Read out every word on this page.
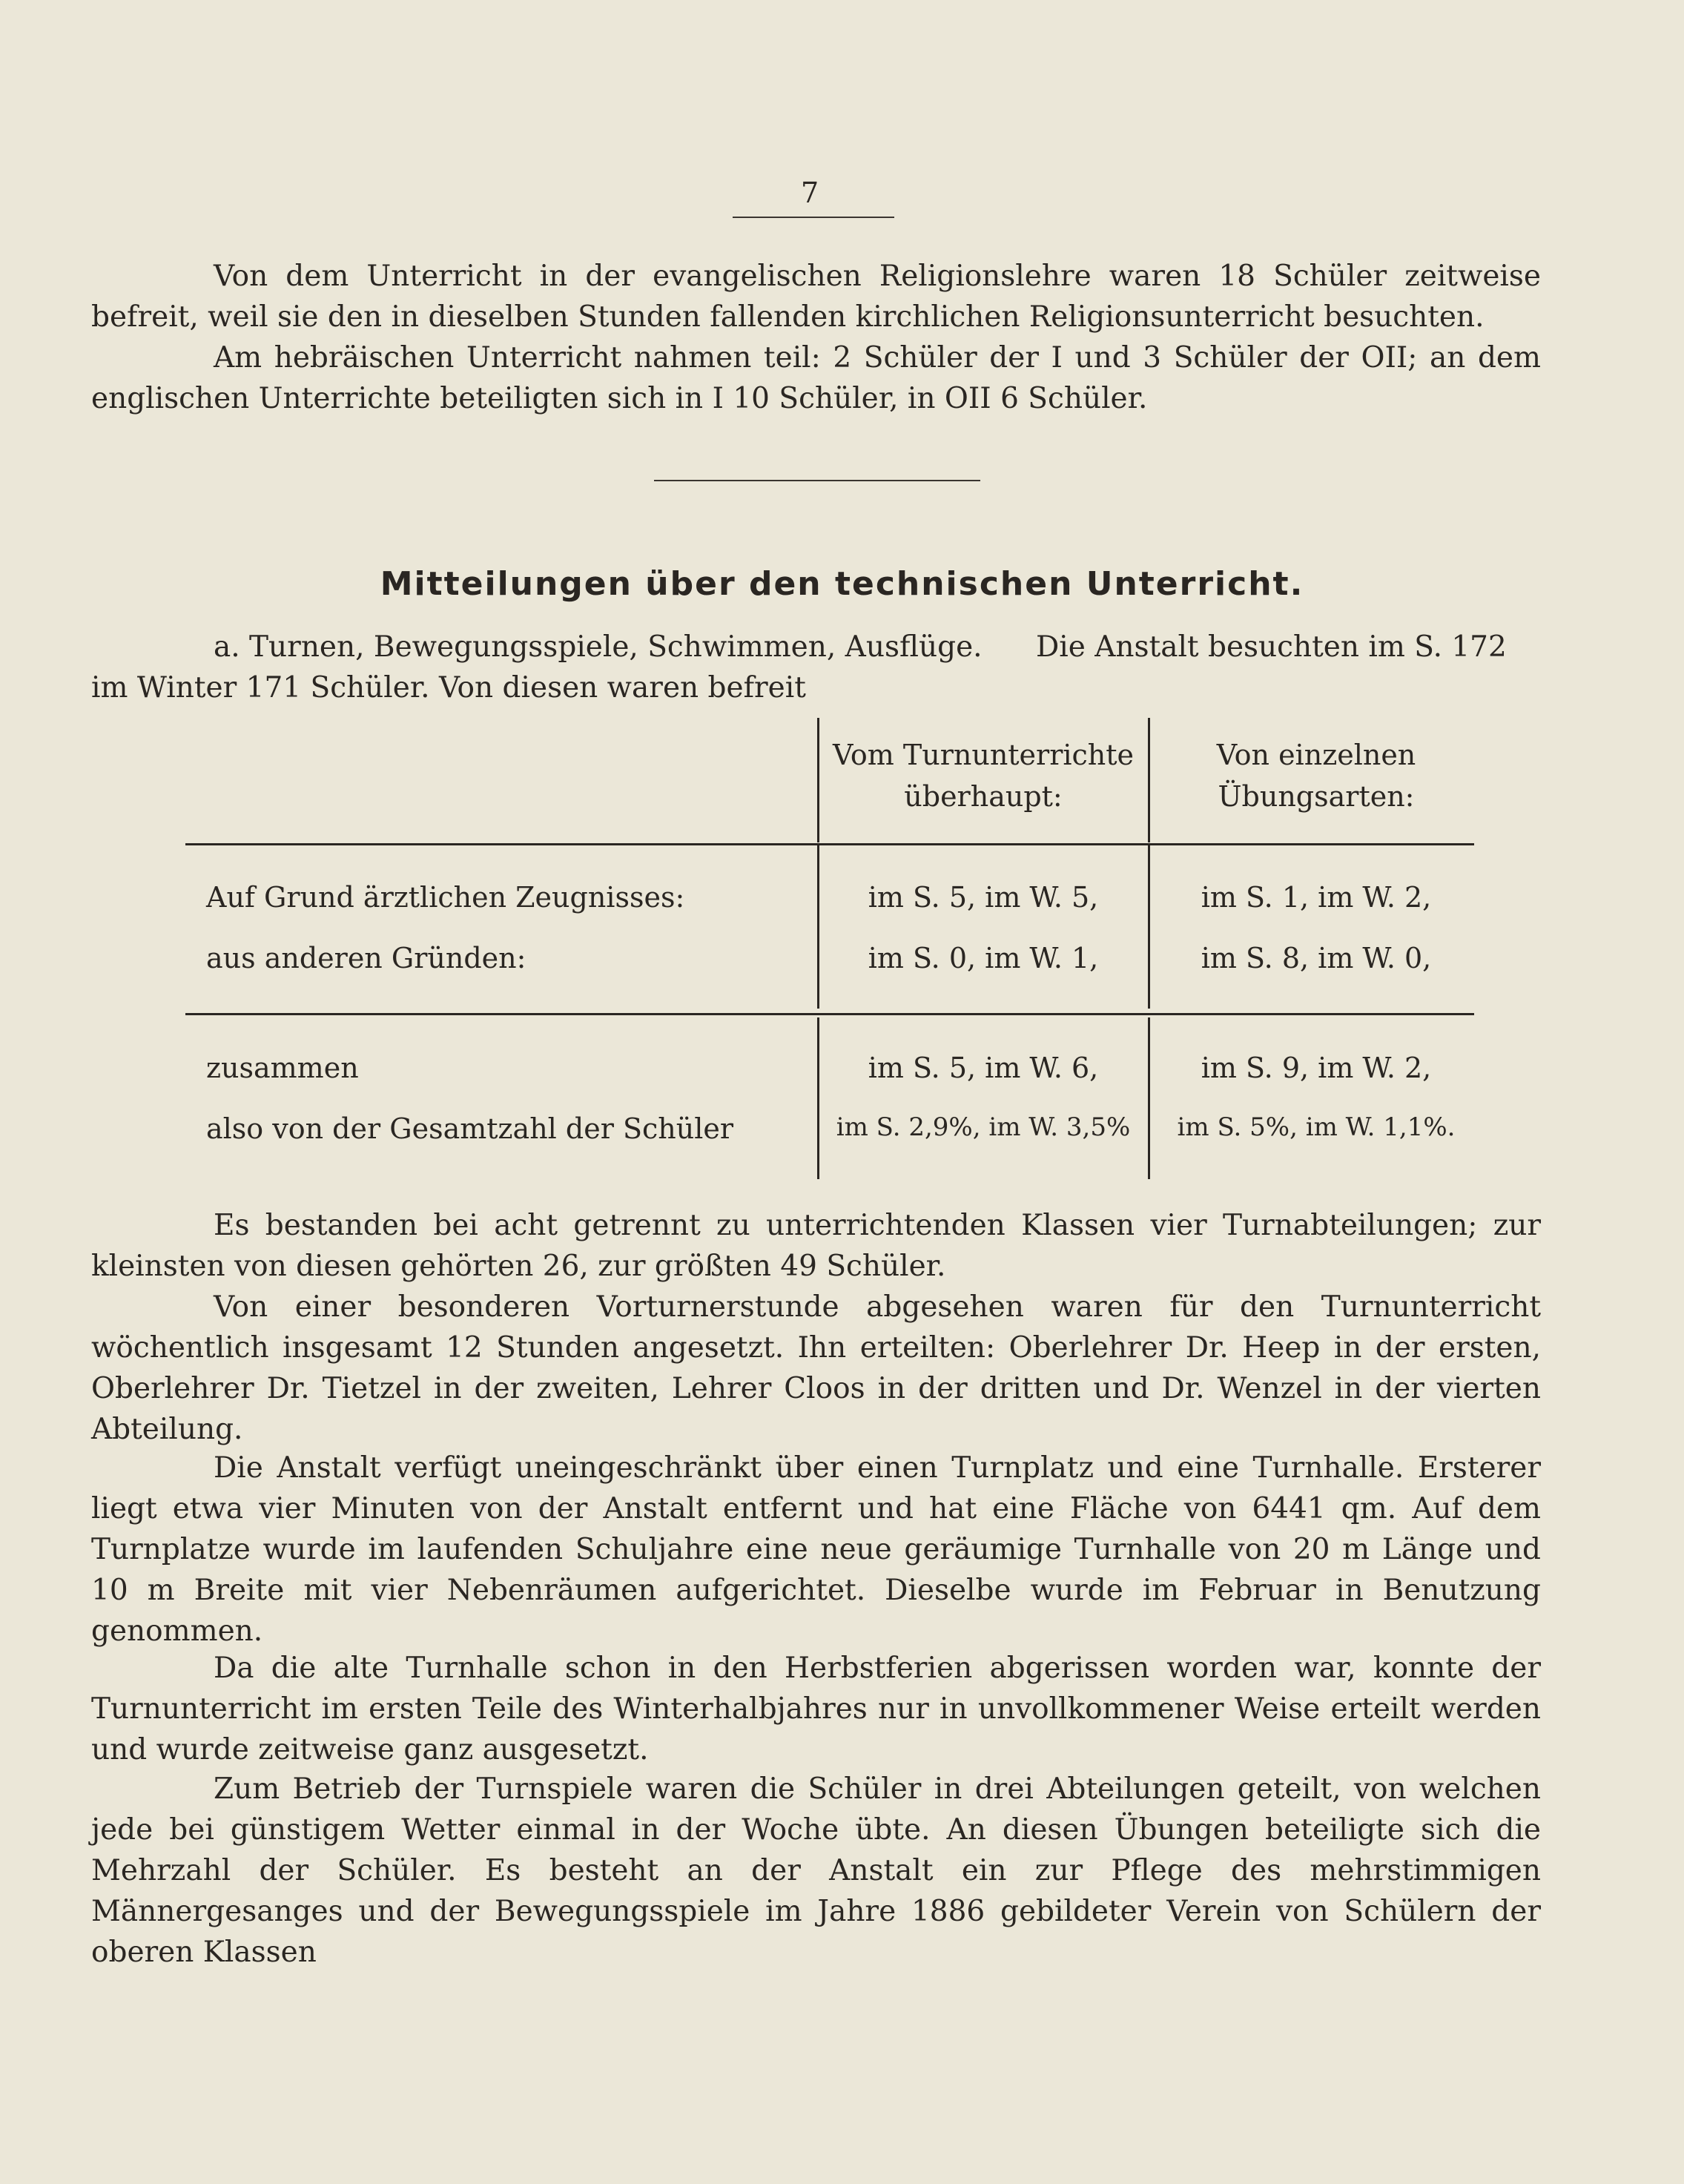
7

Von dem Unterricht in der evangelischen Religionslehre waren 18 Schüler zeitweise befreit, weil sie den in dieselben Stunden fallenden kirchlichen Religionsunterricht besuchten.

Am hebräischen Unterricht nahmen teil: 2 Schüler der I und 3 Schüler der OII; an dem englischen Unterrichte beteiligten sich in I 10 Schüler, in OII 6 Schüler.

Mitteilungen über den technischen Unterricht.
a. Turnen, Bewegungsspiele, Schwimmen, Ausflüge. Die Anstalt besuchten im S. 172
im Winter 171 Schüler. Von diesen waren befreit
Vom Turnunterrichte
überhaupt:
Von einzelnen
Übungsarten:
Auf Grund ärztlichen Zeugnisses:	im S. 5, im W. 5,	im S. 1, im W. 2,
aus anderen Gründen:	im S. 0, im W. 1,	im S. 8, im W. 0,
zusammen	im S. 5, im W. 6,	im S. 9, im W. 2,
also von der Gesamtzahl der Schüler	im S. 2,9%, im W. 3,5%	im S. 5%, im W. 1,1%.

Es bestanden bei acht getrennt zu unterrichtenden Klassen vier Turnabteilungen; zur kleinsten von diesen gehörten 26, zur größten 49 Schüler.

Von einer besonderen Vorturnerstunde abgesehen waren für den Turnunterricht wöchentlich insgesamt 12 Stunden angesetzt. Ihn erteilten: Oberlehrer Dr. Heep in der ersten, Oberlehrer Dr. Tietzel in der zweiten, Lehrer Cloos in der dritten und Dr. Wenzel in der vierten Abteilung.

Die Anstalt verfügt uneingeschränkt über einen Turnplatz und eine Turnhalle. Ersterer liegt etwa vier Minuten von der Anstalt entfernt und hat eine Fläche von 6441 qm. Auf dem Turnplatze wurde im laufenden Schuljahre eine neue geräumige Turnhalle von 20 m Länge und 10 m Breite mit vier Nebenräumen aufgerichtet. Dieselbe wurde im Februar in Benutzung genommen.

Da die alte Turnhalle schon in den Herbstferien abgerissen worden war, konnte der Turnunterricht im ersten Teile des Winterhalbjahres nur in unvollkommener Weise erteilt werden und wurde zeitweise ganz ausgesetzt.

Zum Betrieb der Turnspiele waren die Schüler in drei Abteilungen geteilt, von welchen jede bei günstigem Wetter einmal in der Woche übte. An diesen Übungen beteiligte sich die Mehrzahl der Schüler. Es besteht an der Anstalt ein zur Pflege des mehrstimmigen Männergesanges und der Bewegungsspiele im Jahre 1886 gebildeter Verein von Schülern der oberen Klassen
